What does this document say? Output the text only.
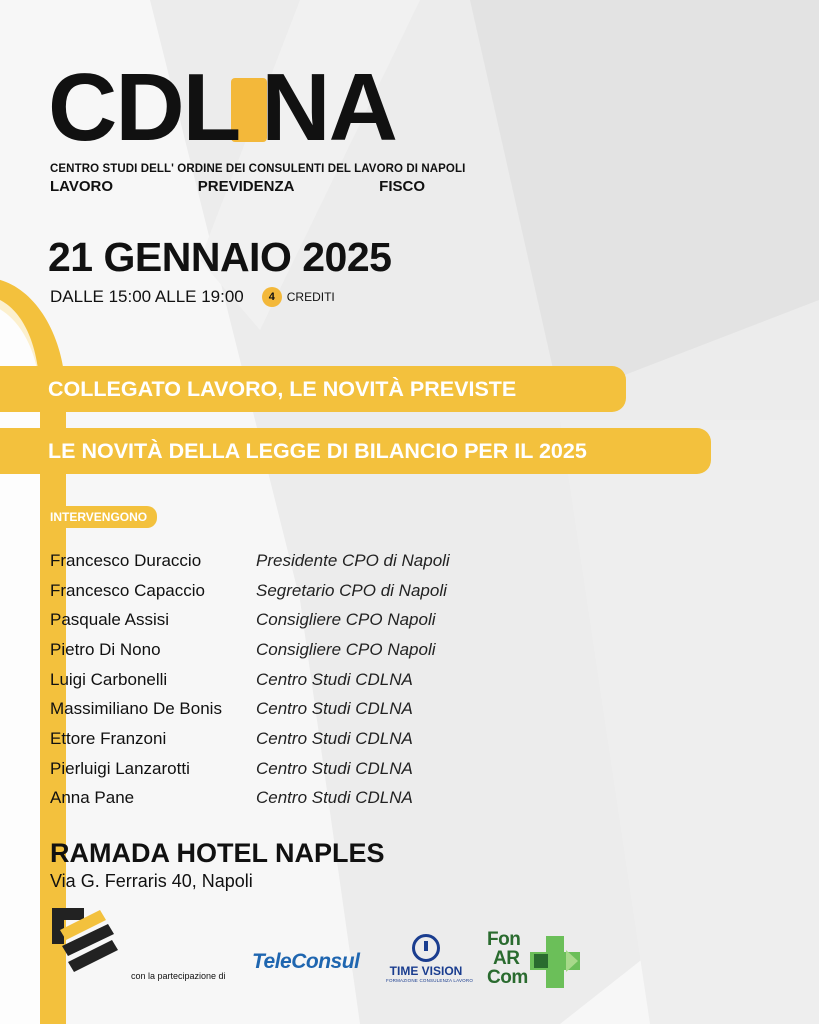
CDL NA
CENTRO STUDI DELL' ORDINE DEI CONSULENTI DEL LAVORO DI NAPOLI
LAVORO	PREVIDENZA	FISCO
21 GENNAIO 2025
DALLE 15:00 ALLE 19:00	4 CREDITI
COLLEGATO LAVORO, LE NOVITÀ PREVISTE
LE NOVITÀ DELLA LEGGE DI BILANCIO PER IL 2025
INTERVENGONO
Francesco Duraccio	Presidente CPO di Napoli
Francesco Capaccio	Segretario CPO di Napoli
Pasquale Assisi	Consigliere CPO Napoli
Pietro Di Nono	Consigliere CPO Napoli
Luigi Carbonelli	Centro Studi CDLNA
Massimiliano De Bonis	Centro Studi CDLNA
Ettore Franzoni	Centro Studi CDLNA
Pierluigi Lanzarotti	Centro Studi CDLNA
Anna Pane	Centro Studi CDLNA
RAMADA HOTEL NAPLES
Via G. Ferraris 40, Napoli
con la partecipazione di
TeleConsul	TIME VISION
FORMAZIONE CONSULENZA LAVORO
Fon
AR
Com
